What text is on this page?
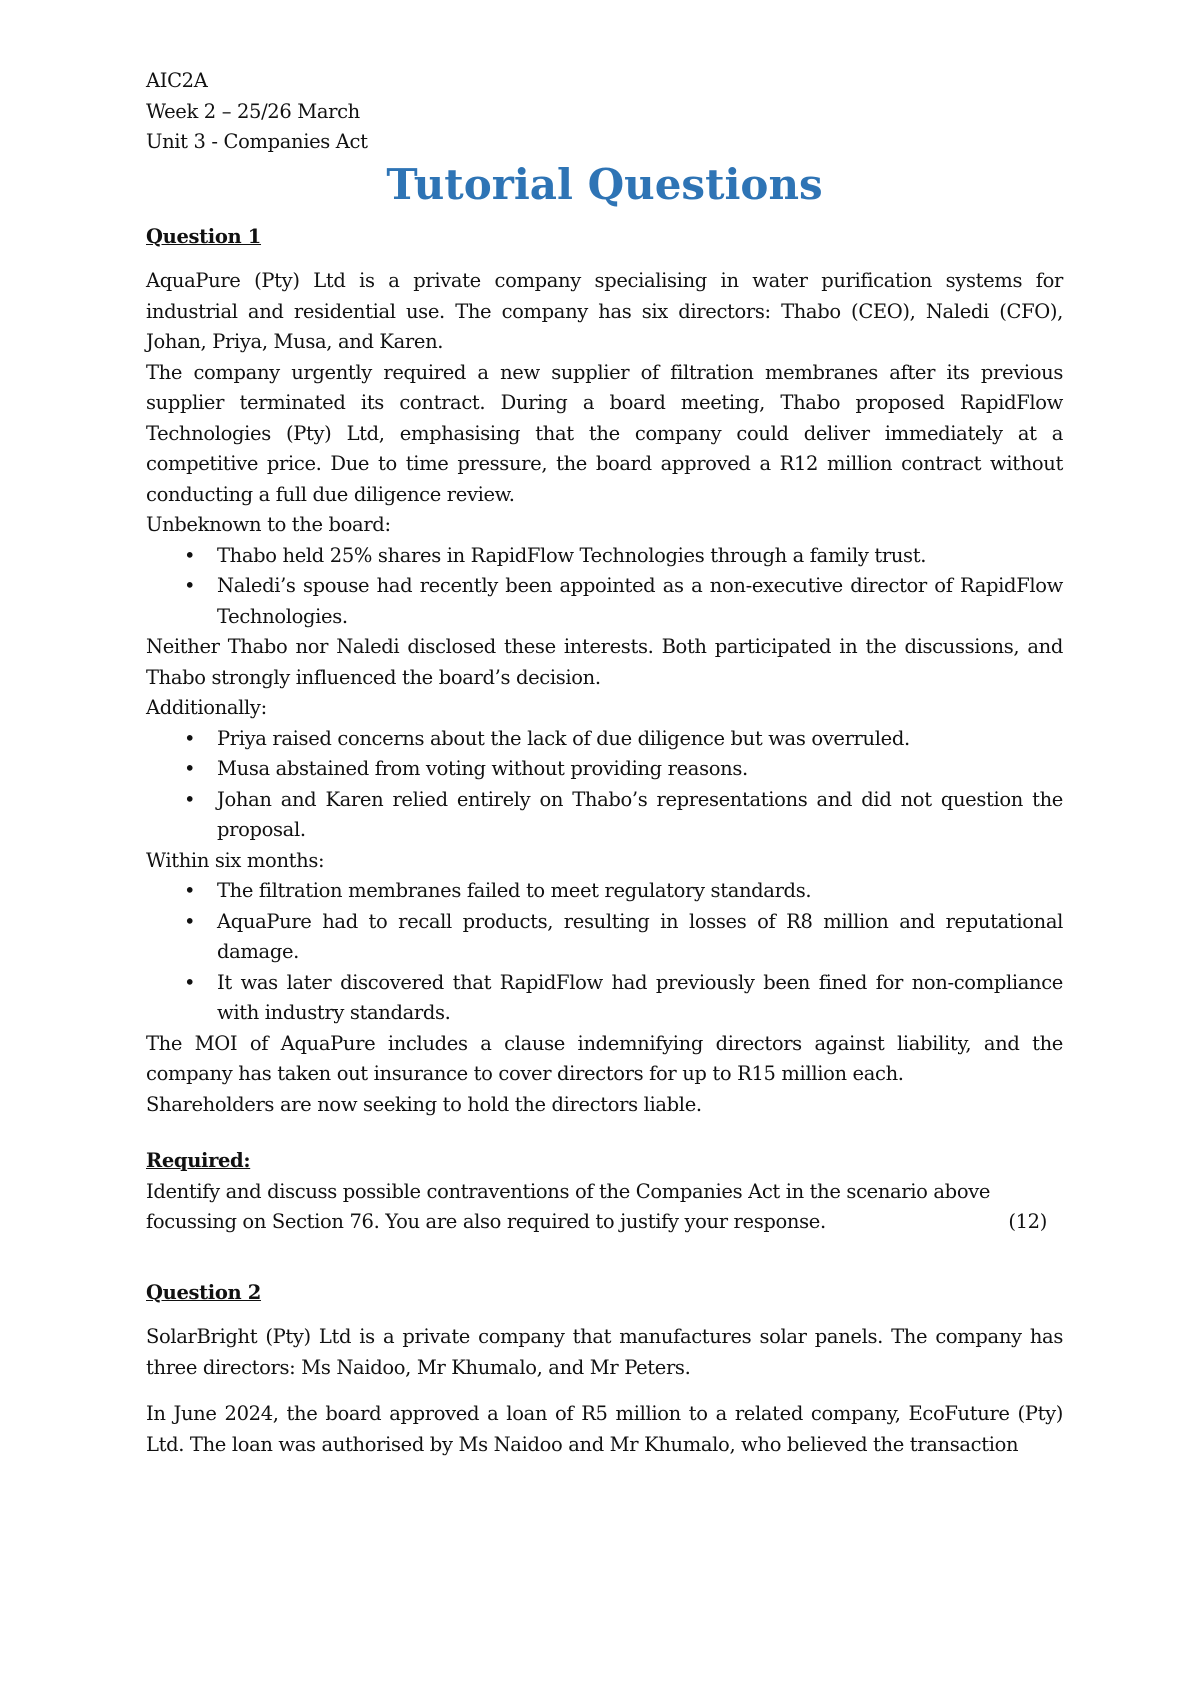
AIC2A

Week 2 – 25/26 March

Unit 3 - Companies Act

Tutorial Questions

Question 1

AquaPure (Pty) Ltd is a private company specialising in water purification systems for industrial and residential use. The company has six directors: Thabo (CEO), Naledi (CFO), Johan, Priya, Musa, and Karen.

The company urgently required a new supplier of filtration membranes after its previous supplier terminated its contract. During a board meeting, Thabo proposed RapidFlow Technologies (Pty) Ltd, emphasising that the company could deliver immediately at a competitive price. Due to time pressure, the board approved a R12 million contract without conducting a full due diligence review.

Unbeknown to the board:

• Thabo held 25% shares in RapidFlow Technologies through a family trust.
• Naledi’s spouse had recently been appointed as a non-executive director of RapidFlow Technologies.

Neither Thabo nor Naledi disclosed these interests. Both participated in the discussions, and Thabo strongly influenced the board’s decision.

Additionally:

• Priya raised concerns about the lack of due diligence but was overruled.
• Musa abstained from voting without providing reasons.
• Johan and Karen relied entirely on Thabo’s representations and did not question the proposal.

Within six months:

• The filtration membranes failed to meet regulatory standards.
• AquaPure had to recall products, resulting in losses of R8 million and reputational damage.
• It was later discovered that RapidFlow had previously been fined for non-compliance with industry standards.

The MOI of AquaPure includes a clause indemnifying directors against liability, and the company has taken out insurance to cover directors for up to R15 million each.

Shareholders are now seeking to hold the directors liable.

Required:

Identify and discuss possible contraventions of the Companies Act in the scenario above

focussing on Section 76. You are also required to justify your response.	(12)

Question 2

SolarBright (Pty) Ltd is a private company that manufactures solar panels. The company has three directors: Ms Naidoo, Mr Khumalo, and Mr Peters.

In June 2024, the board approved a loan of R5 million to a related company, EcoFuture (Pty) Ltd. The loan was authorised by Ms Naidoo and Mr Khumalo, who believed the transaction
